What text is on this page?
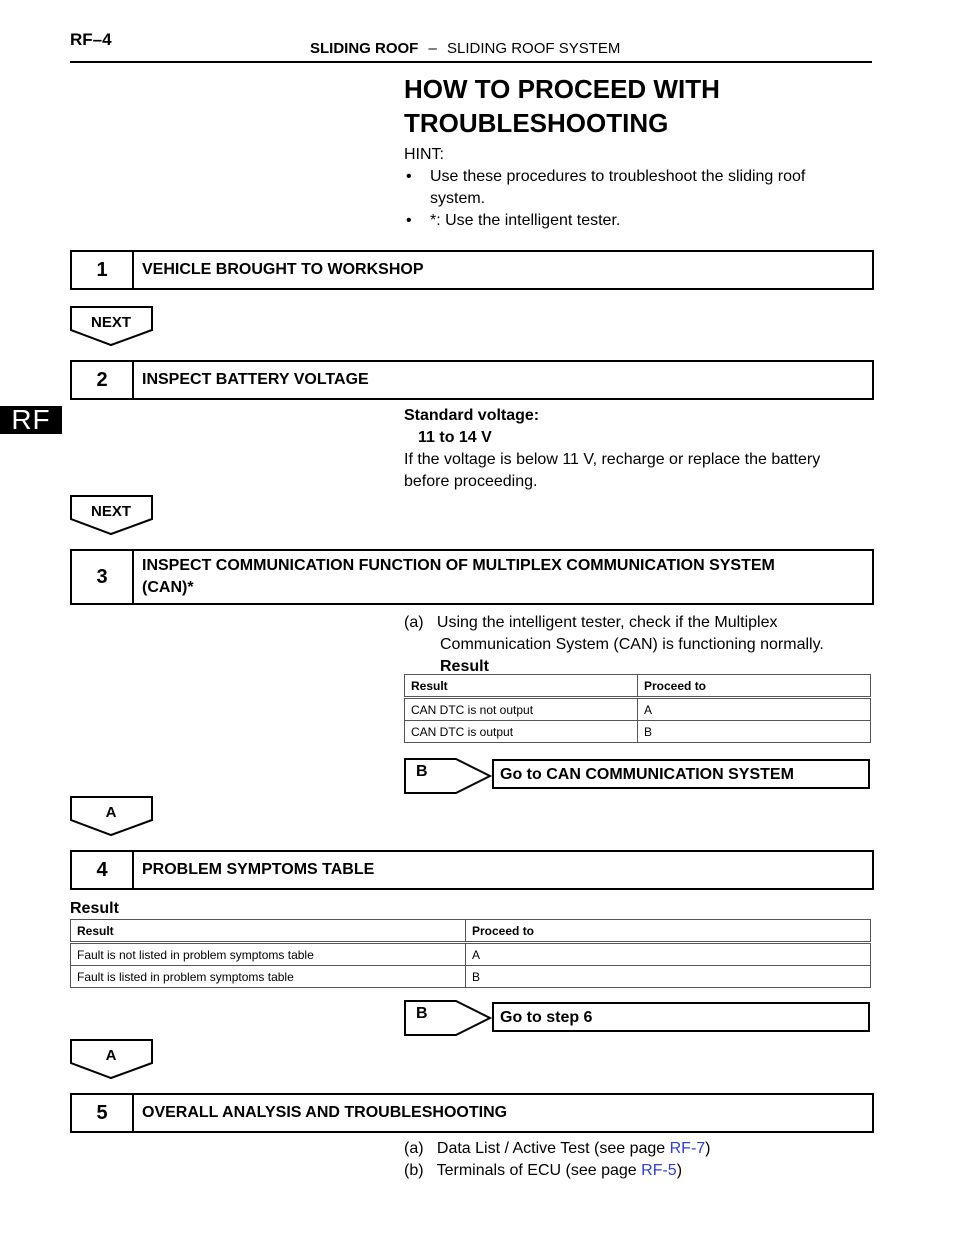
RF–4	SLIDING ROOF – SLIDING ROOF SYSTEM
RF
HOW TO PROCEED WITH
TROUBLESHOOTING
HINT:
•	Use these procedures to troubleshoot the sliding roof
system.
•	*: Use the intelligent tester.
1	VEHICLE BROUGHT TO WORKSHOP
NEXT
2	INSPECT BATTERY VOLTAGE
Standard voltage:
11 to 14 V
If the voltage is below 11 V, recharge or replace the battery
before proceeding.
NEXT
3	INSPECT COMMUNICATION FUNCTION OF MULTIPLEX COMMUNICATION SYSTEM
(CAN)*
(a)   Using the intelligent tester, check if the Multiplex
Communication System (CAN) is functioning normally.
Result
Result	Proceed to
CAN DTC is not output	A
CAN DTC is output	B
B	Go to CAN COMMUNICATION SYSTEM
A
4	PROBLEM SYMPTOMS TABLE
Result
Result	Proceed to
Fault is not listed in problem symptoms table	A
Fault is listed in problem symptoms table	B
B	Go to step 6
A
5	OVERALL ANALYSIS AND TROUBLESHOOTING
(a)   Data List / Active Test (see page RF-7)
(b)   Terminals of ECU (see page RF-5)
